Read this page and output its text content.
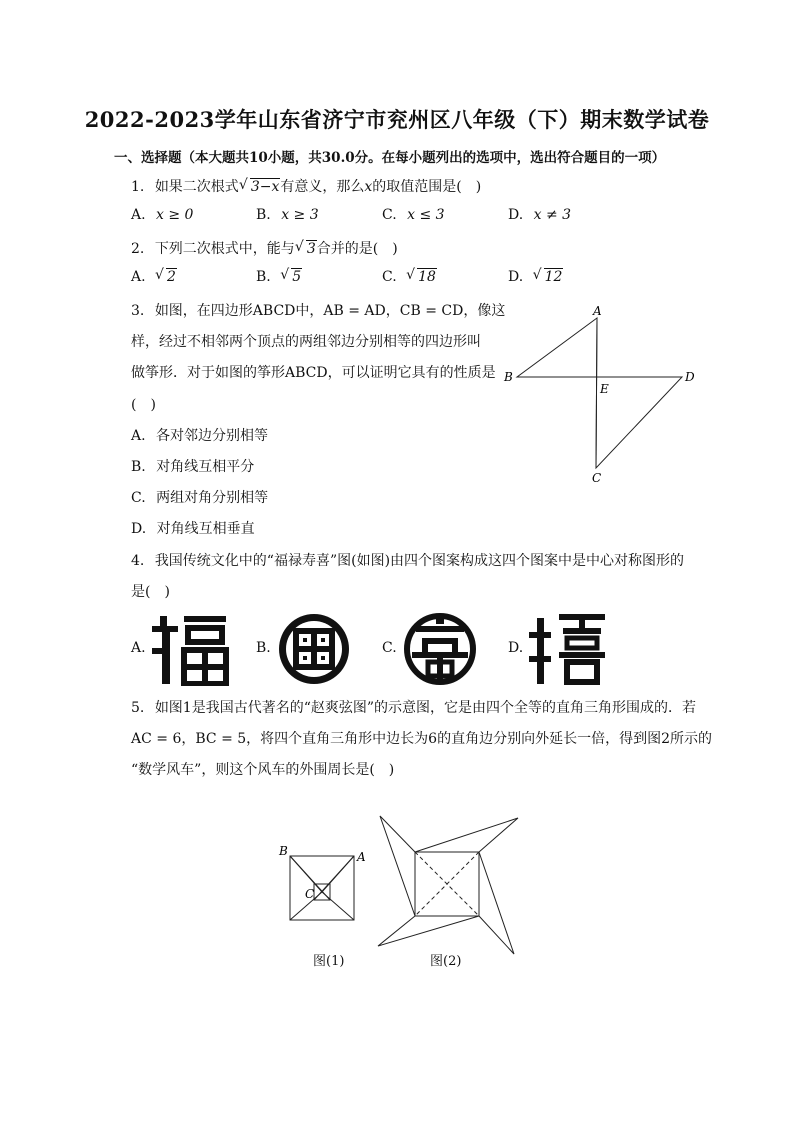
2022-2023学年山东省济宁市兖州区八年级（下）期末数学试卷
一、选择题（本大题共10小题，共30.0分。在每小题列出的选项中，选出符合题目的一项）
1. 如果二次根式 √ 3−x有意义，那么x的取值范围是(　)
A. x ≥ 0	B. x ≥ 3	C. x ≤ 3	D. x ≠ 3
2. 下列二次根式中，能与 √ 3合并的是(　)
A. √ 2	B. √ 5	C. √ 18	D. √ 12
3. 如图，在四边形ABCD中，AB = AD，CB = CD，像这
样，经过不相邻两个顶点的两组邻边分别相等的四边形叫
做筝形．对于如图的筝形ABCD，可以证明它具有的性质是
(　)
A. 各对邻边分别相等
B. 对角线互相平分
C. 两组对角分别相等
D. 对角线互相垂直
A
B	D
C
E
4. 我国传统文化中的“福禄寿喜”图(如图)由四个图案构成这四个图案中是中心对称图形的
是(　)
A.	B.	C.	D.
5. 如图1是我国古代著名的“赵爽弦图”的示意图，它是由四个全等的直角三角形围成的．若
AC = 6，BC = 5，将四个直角三角形中边长为6的直角边分别向外延长一倍，得到图2所示的
“数学风车”，则这个风车的外围周长是(　)
B	A
C
图(1)	图(2)
